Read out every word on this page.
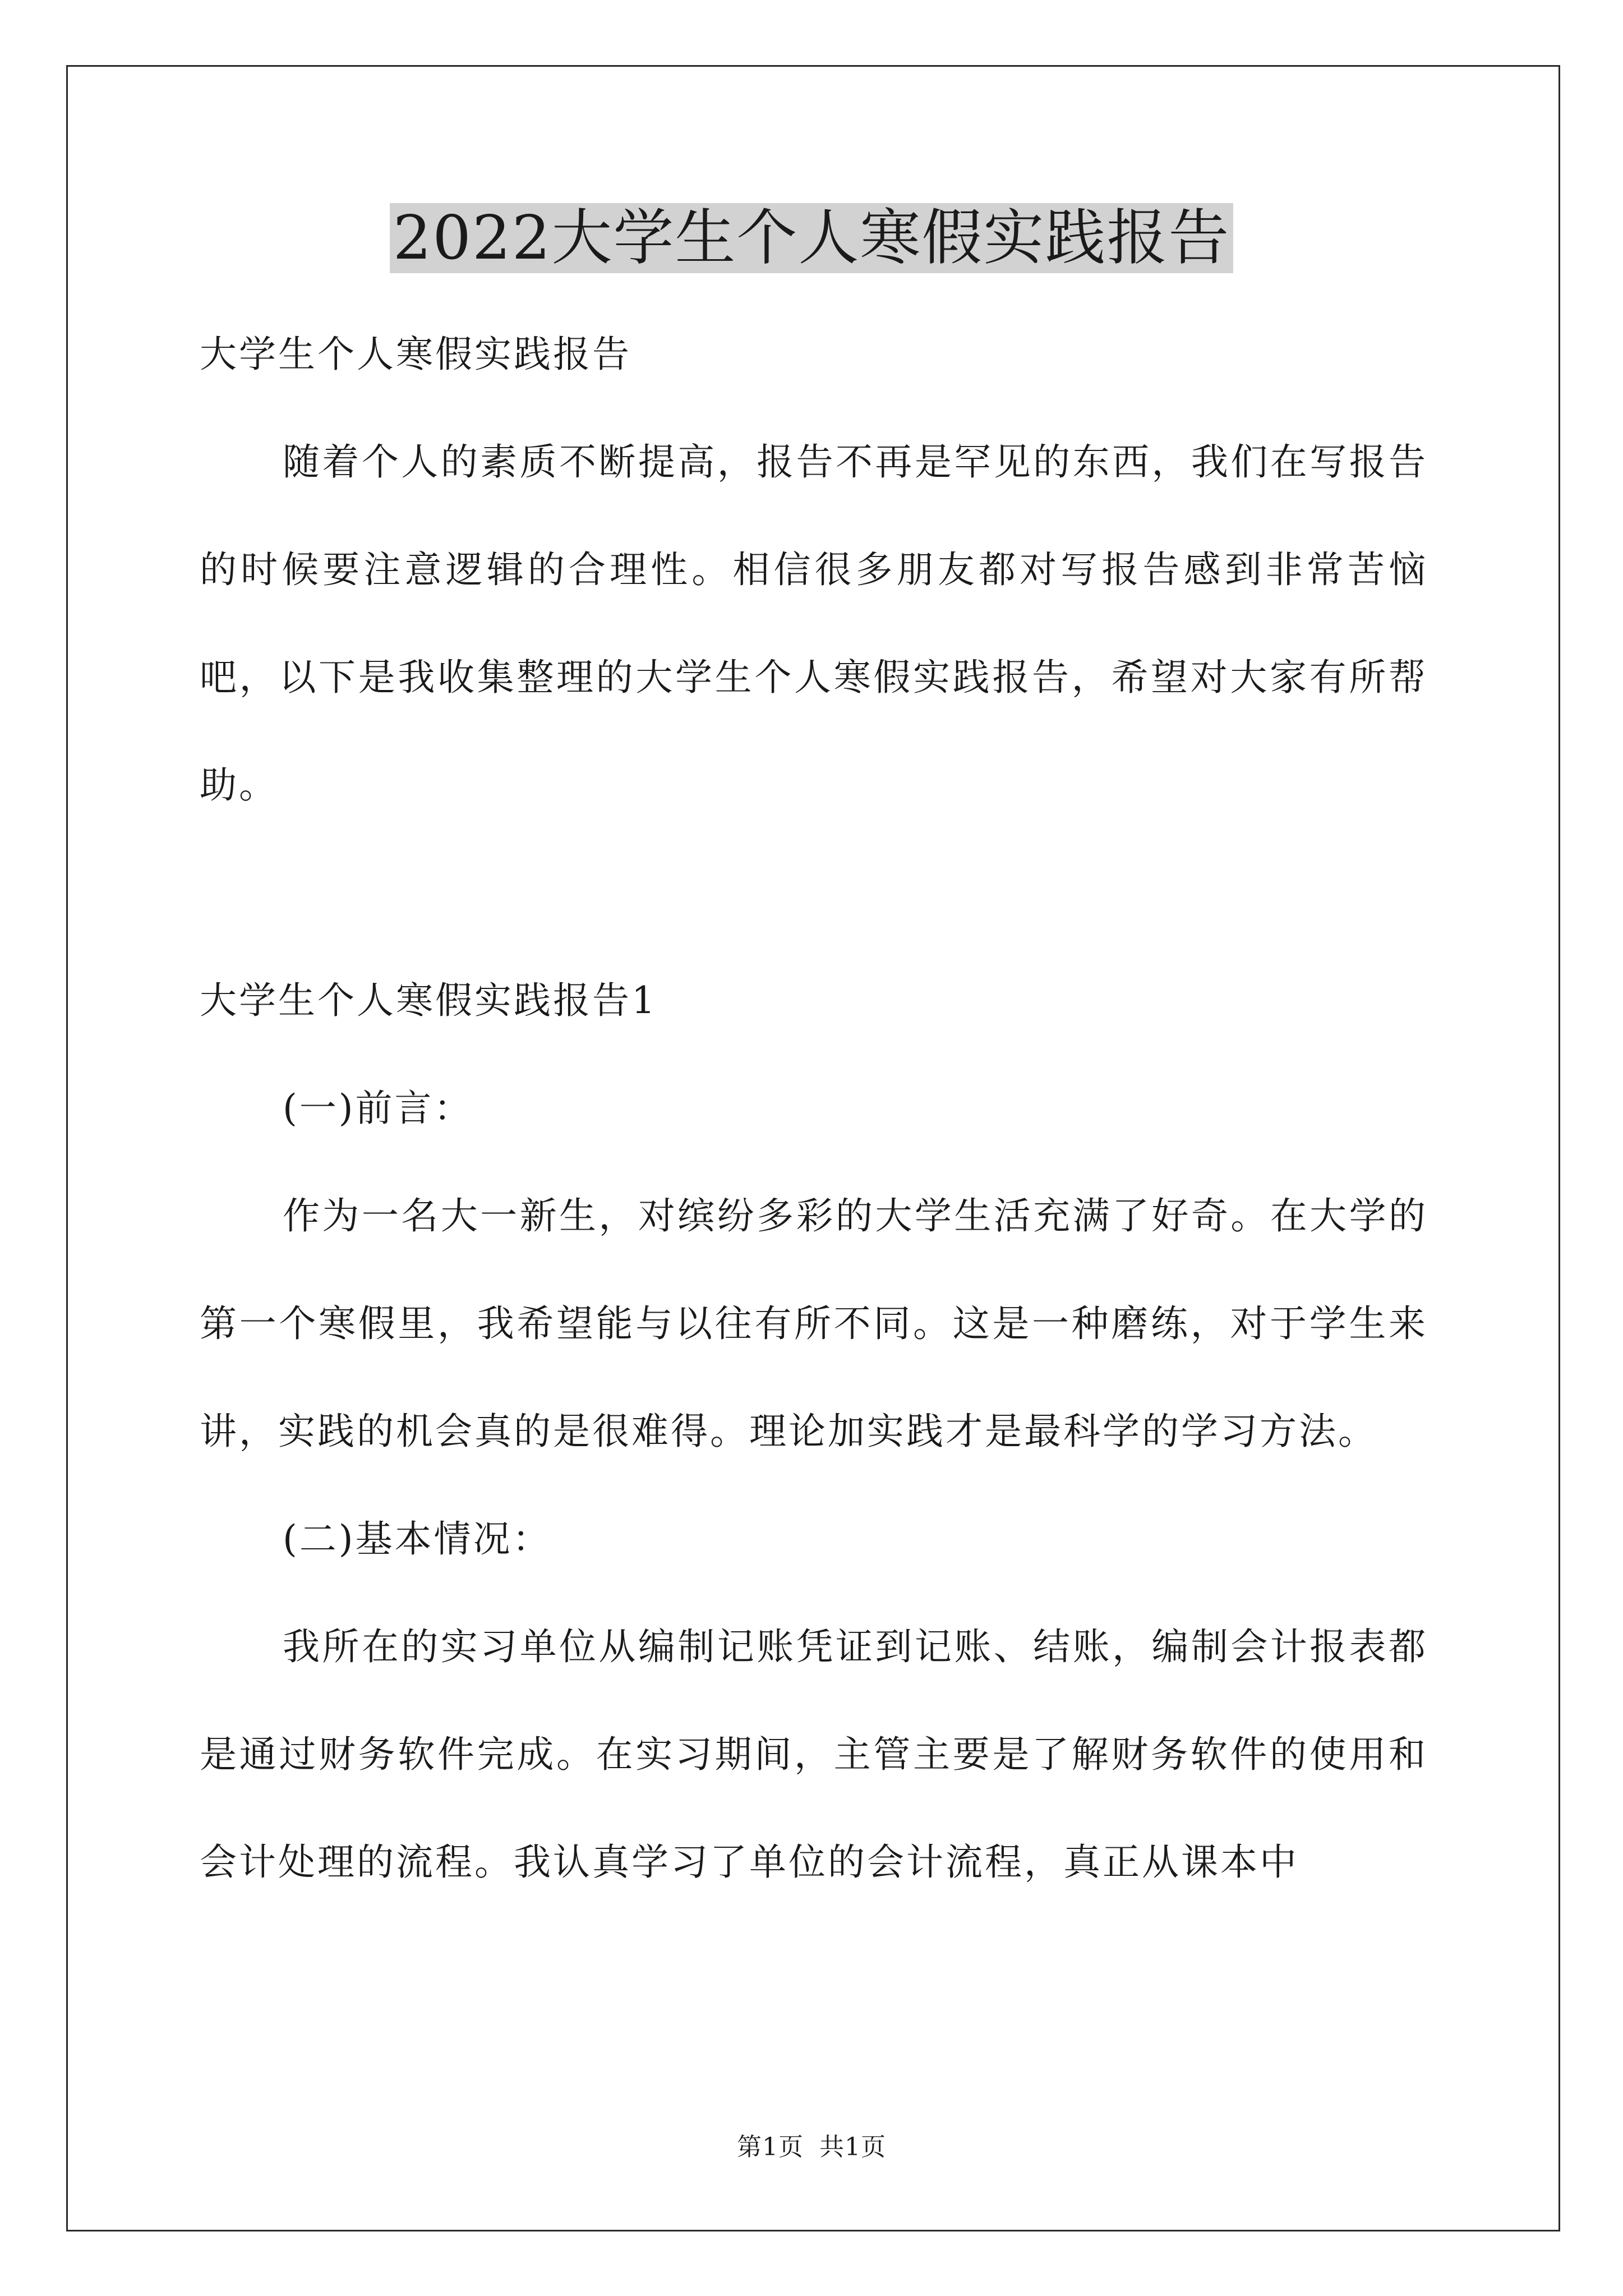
2022大学生个人寒假实践报告

大学生个人寒假实践报告

随着个人的素质不断提高，报告不再是罕见的东西，我们在写报告的时候要注意逻辑的合理性。相信很多朋友都对写报告感到非常苦恼吧，以下是我收集整理的大学生个人寒假实践报告，希望对大家有所帮助。

大学生个人寒假实践报告1

(一)前言：

作为一名大一新生，对缤纷多彩的大学生活充满了好奇。在大学的第一个寒假里，我希望能与以往有所不同。这是一种磨练，对于学生来讲，实践的机会真的是很难得。理论加实践才是最科学的学习方法。

(二)基本情况：

我所在的实习单位从编制记账凭证到记账、结账，编制会计报表都是通过财务软件完成。在实习期间，主管主要是了解财务软件的使用和会计处理的流程。我认真学习了单位的会计流程，真正从课本中

第1页 共1页
